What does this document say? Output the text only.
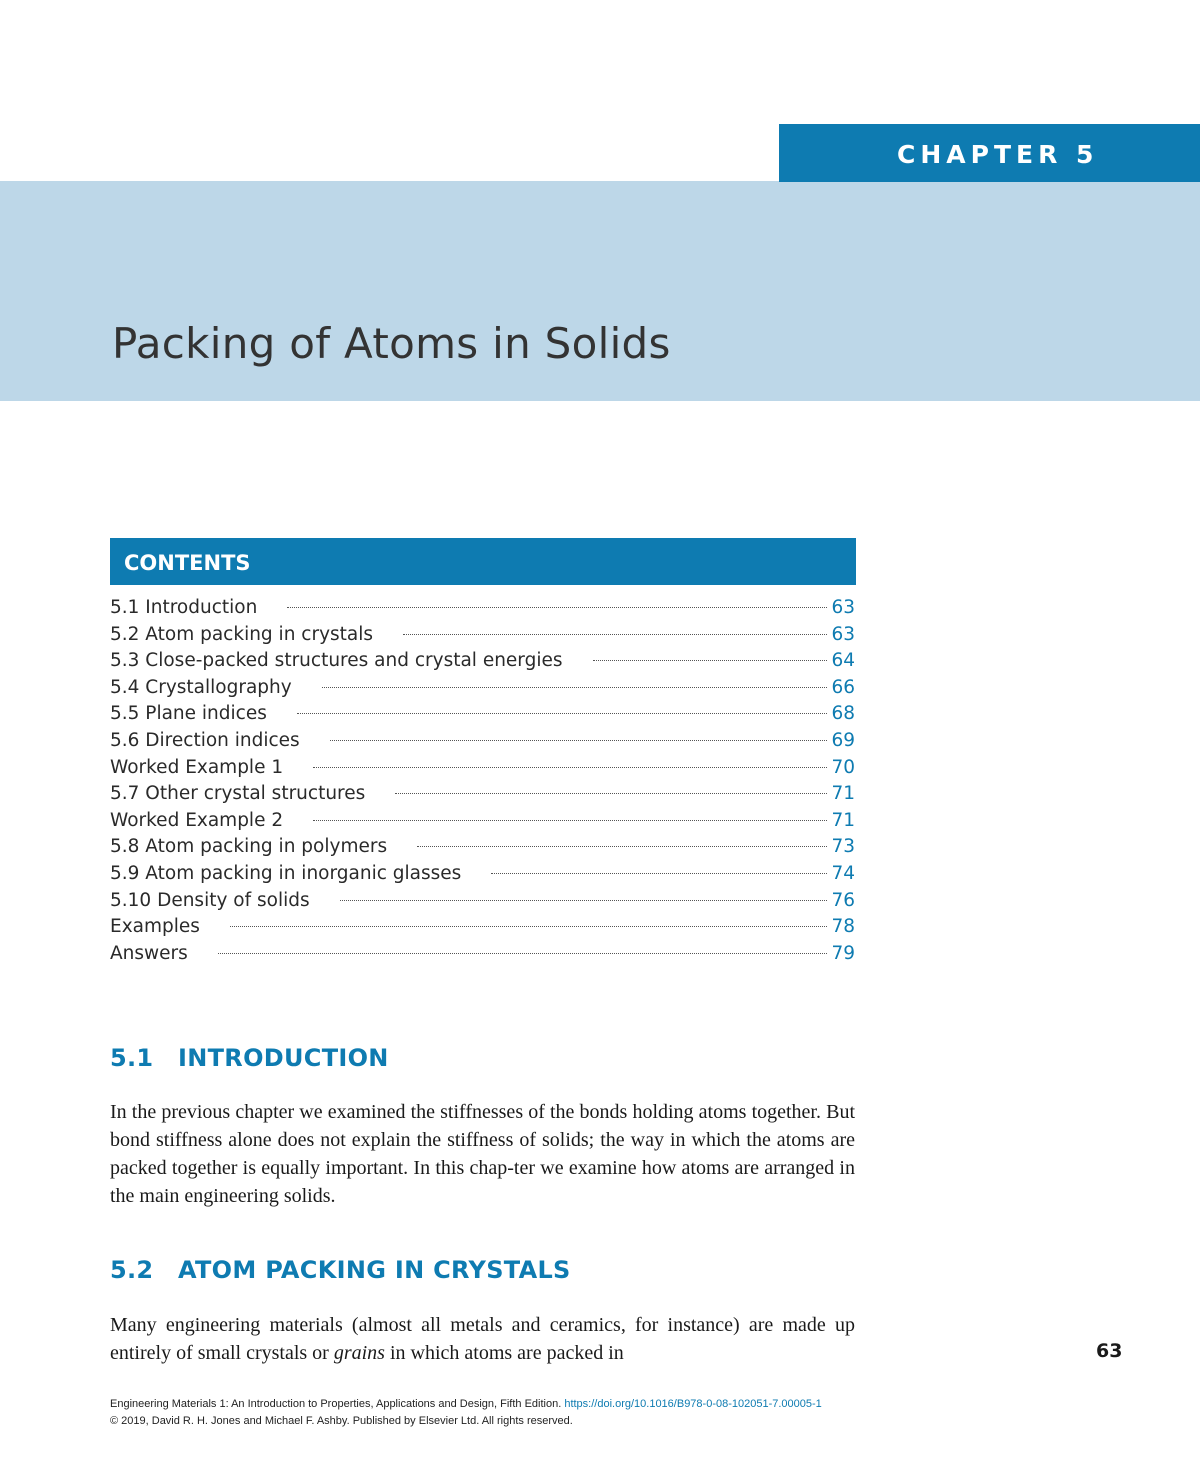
CHAPTER 5
Packing of Atoms in Solids
CONTENTS
5.1 Introduction	63
5.2 Atom packing in crystals	63
5.3 Close-packed structures and crystal energies	64
5.4 Crystallography	66
5.5 Plane indices	68
5.6 Direction indices	69
Worked Example 1	70
5.7 Other crystal structures	71
Worked Example 2	71
5.8 Atom packing in polymers	73
5.9 Atom packing in inorganic glasses	74
5.10 Density of solids	76
Examples	78
Answers	79
5.1 INTRODUCTION

In the previous chapter we examined the stiffnesses of the bonds holding atoms together. But bond stiffness alone does not explain the stiffness of solids; the way in which the atoms are packed together is equally important. In this chap-ter we examine how atoms are arranged in the main engineering solids.

5.2 ATOM PACKING IN CRYSTALS

Many engineering materials (almost all metals and ceramics, for instance) are made up entirely of small crystals or grains in which atoms are packed in	63
Engineering Materials 1: An Introduction to Properties, Applications and Design, Fifth Edition. https://doi.org/10.1016/B978-0-08-102051-7.00005-1
© 2019, David R. H. Jones and Michael F. Ashby. Published by Elsevier Ltd. All rights reserved.
